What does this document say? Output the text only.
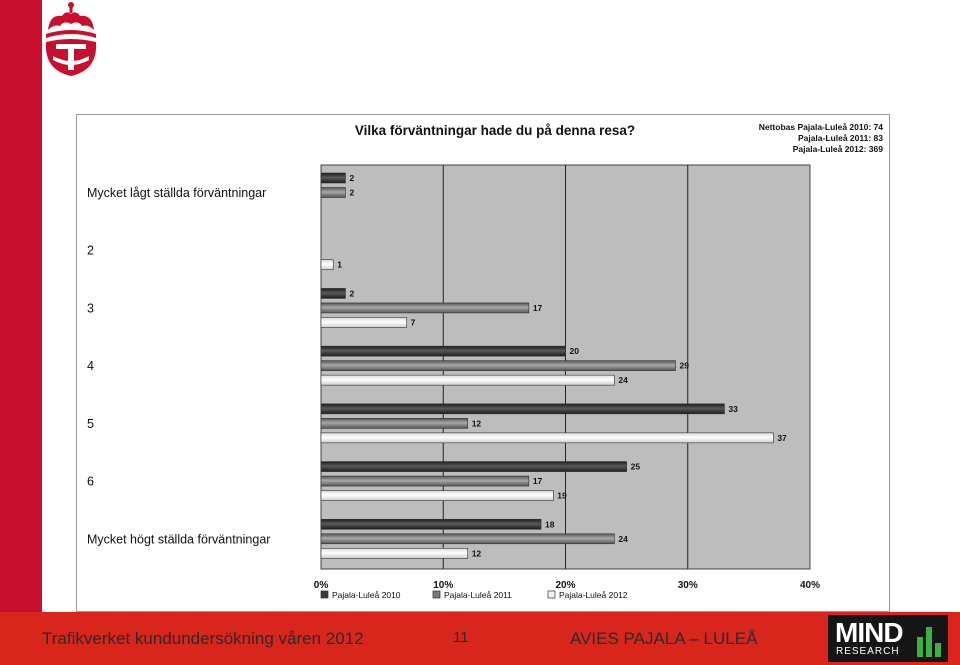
Vilka förväntningar hade du på denna resa?	Nettobas Pajala-Luleå 2010: 74
Pajala-Luleå 2011: 83
Pajala-Luleå 2012: 369
0%	10%	20%	30%	40%
Mycket lågt ställda förväntningar
2
2
2
1
3
2
17
7
4
20
29
24
5
33
12
37
6
25
17
19
Mycket högt ställda förväntningar
18
24
12
Pajala-Luleå 2010	Pajala-Luleå 2011	Pajala-Luleå 2012
Trafikverket kundundersökning våren 2012	11	AVIES PAJALA – LULEÅ	MIND
RESEARCH
